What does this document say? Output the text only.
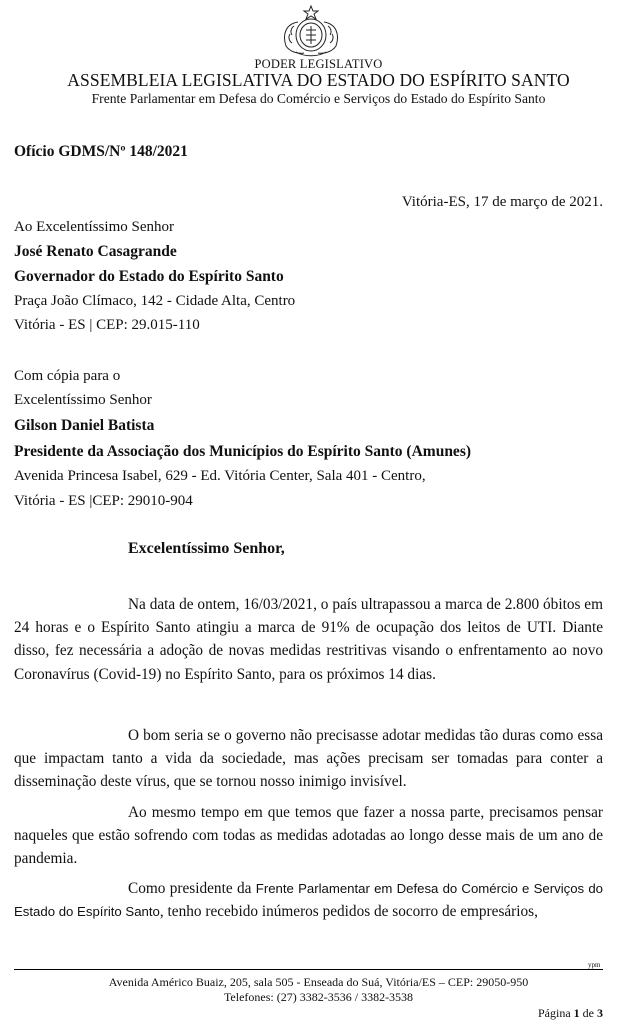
PODER LEGISLATIVO
ASSEMBLEIA LEGISLATIVA DO ESTADO DO ESPÍRITO SANTO
Frente Parlamentar em Defesa do Comércio e Serviços do Estado do Espírito Santo
Ofício GDMS/Nº 148/2021
Vitória-ES, 17 de março de 2021.
Ao Excelentíssimo Senhor
José Renato Casagrande
Governador do Estado do Espírito Santo
Praça João Clímaco, 142 - Cidade Alta, Centro
Vitória - ES | CEP: 29.015-110
Com cópia para o
Excelentíssimo Senhor
Gilson Daniel Batista
Presidente da Associação dos Municípios do Espírito Santo (Amunes)
Avenida Princesa Isabel, 629 - Ed. Vitória Center, Sala 401 - Centro,
Vitória - ES |CEP: 29010-904
Excelentíssimo Senhor,
Na data de ontem, 16/03/2021, o país ultrapassou a marca de 2.800 óbitos em 24 horas e o Espírito Santo atingiu a marca de 91% de ocupação dos leitos de UTI. Diante disso, fez necessária a adoção de novas medidas restritivas visando o enfrentamento ao novo Coronavírus (Covid-19) no Espírito Santo, para os próximos 14 dias.
O bom seria se o governo não precisasse adotar medidas tão duras como essa que impactam tanto a vida da sociedade, mas ações precisam ser tomadas para conter a disseminação deste vírus, que se tornou nosso inimigo invisível.
Ao mesmo tempo em que temos que fazer a nossa parte, precisamos pensar naqueles que estão sofrendo com todas as medidas adotadas ao longo desse mais de um ano de pandemia.
Como presidente da Frente Parlamentar em Defesa do Comércio e Serviços do Estado do Espírito Santo, tenho recebido inúmeros pedidos de socorro de empresários,
ypm
Avenida Américo Buaiz, 205, sala 505 - Enseada do Suá, Vitória/ES – CEP: 29050-950
Telefones: (27) 3382-3536 / 3382-3538
Página 1 de 3
